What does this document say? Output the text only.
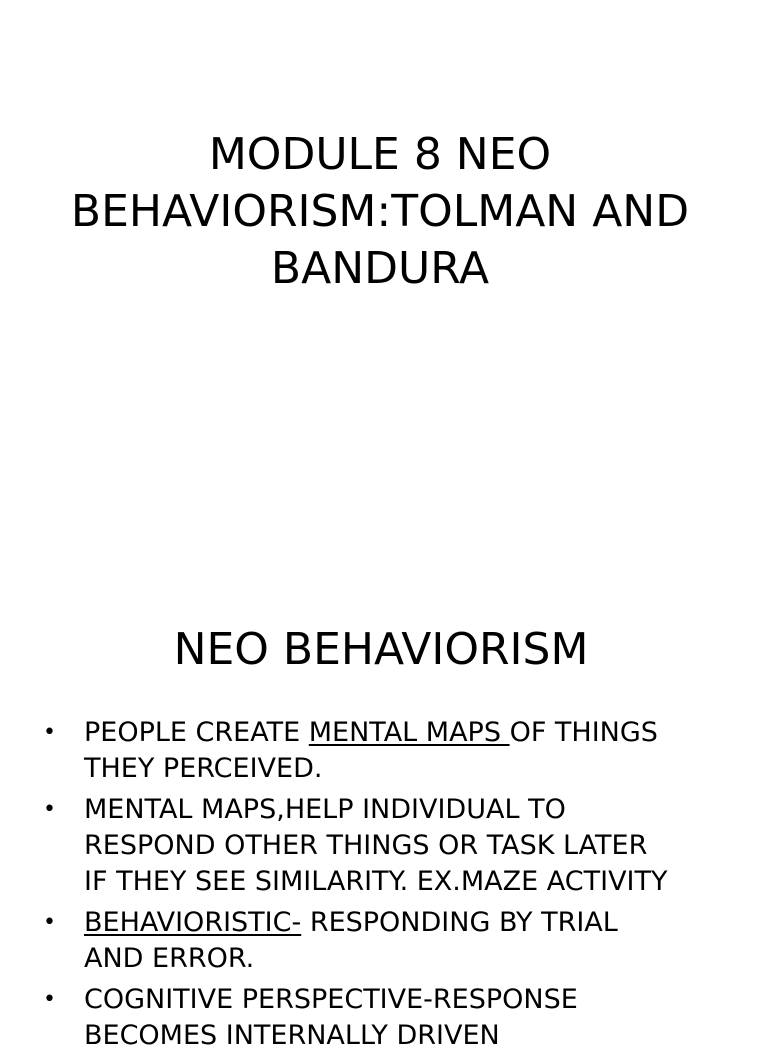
MODULE 8 NEO
BEHAVIORISM:TOLMAN AND
BANDURA
NEO BEHAVIORISM
• PEOPLE CREATE MENTAL MAPS OF THINGS
THEY PERCEIVED.
• MENTAL MAPS,HELP INDIVIDUAL TO
RESPOND OTHER THINGS OR TASK LATER
IF THEY SEE SIMILARITY. EX.MAZE ACTIVITY
• BEHAVIORISTIC- RESPONDING BY TRIAL
AND ERROR.
• COGNITIVE PERSPECTIVE-RESPONSE
BECOMES INTERNALLY DRIVEN
